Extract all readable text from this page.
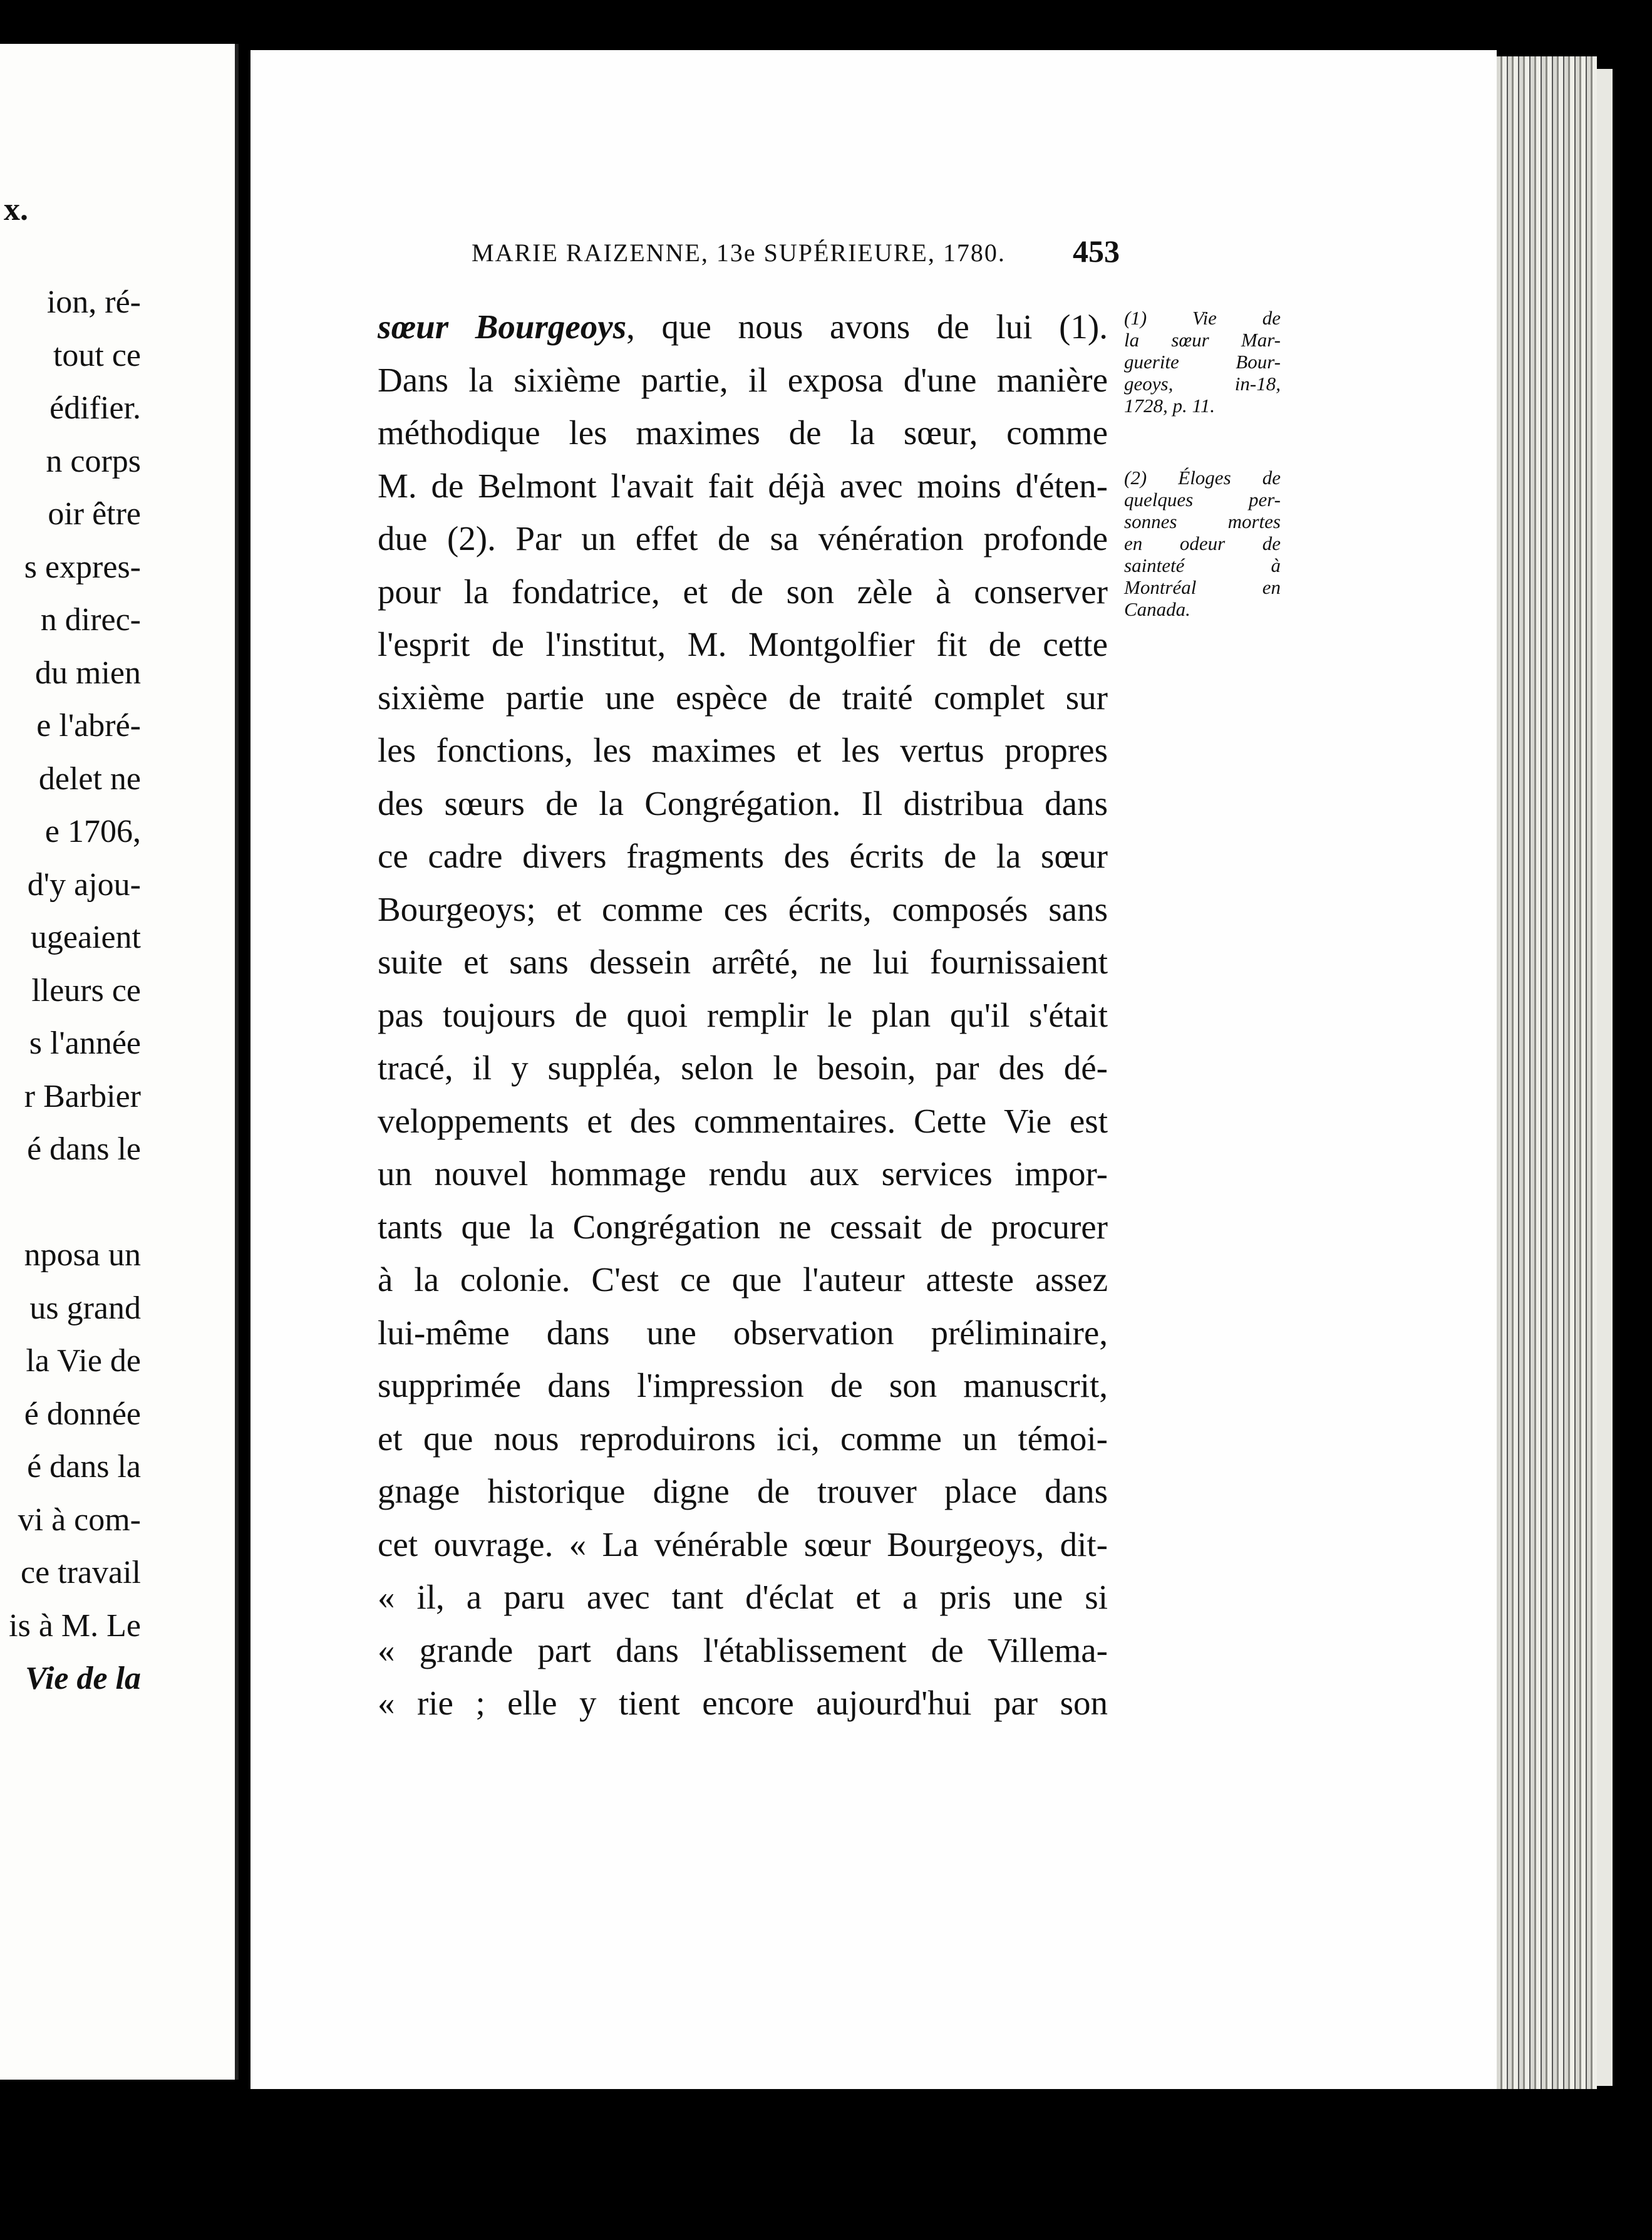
x.
ion, ré-
tout ce
édifier.
n corps
oir être
s expres-
n direc-
du mien
e l'abré-
delet ne
e 1706,
d'y ajou-
ugeaient
lleurs ce
s l'année
r Barbier
é dans le
nposa un
us grand
la Vie de
é donnée
é dans la
vi à com-
ce travail
is à M. Le
Vie de la
MARIE RAIZENNE, 13e SUPÉRIEURE, 1780. 453
sœur Bourgeoys, que nous avons de lui (1).
Dans la sixième partie, il exposa d'une manière
méthodique les maximes de la sœur, comme
M. de Belmont l'avait fait déjà avec moins d'éten-
due (2). Par un effet de sa vénération profonde
pour la fondatrice, et de son zèle à conserver
l'esprit de l'institut, M. Montgolfier fit de cette
sixième partie une espèce de traité complet sur
les fonctions, les maximes et les vertus propres
des sœurs de la Congrégation. Il distribua dans
ce cadre divers fragments des écrits de la sœur
Bourgeoys; et comme ces écrits, composés sans
suite et sans dessein arrêté, ne lui fournissaient
pas toujours de quoi remplir le plan qu'il s'était
tracé, il y suppléa, selon le besoin, par des dé-
veloppements et des commentaires. Cette Vie est
un nouvel hommage rendu aux services impor-
tants que la Congrégation ne cessait de procurer
à la colonie. C'est ce que l'auteur atteste assez
lui-même dans une observation préliminaire,
supprimée dans l'impression de son manuscrit,
et que nous reproduirons ici, comme un témoi-
gnage historique digne de trouver place dans
cet ouvrage. « La vénérable sœur Bourgeoys, dit-
« il, a paru avec tant d'éclat et a pris une si
« grande part dans l'établissement de Villema-
« rie ; elle y tient encore aujourd'hui par son
(1) Vie de
la sœur Mar-
guerite Bour-
geoys, in-18,
1728, p. 11.
(2) Éloges de
quelques per-
sonnes mortes
en odeur de
sainteté à
Montréal en
Canada.
